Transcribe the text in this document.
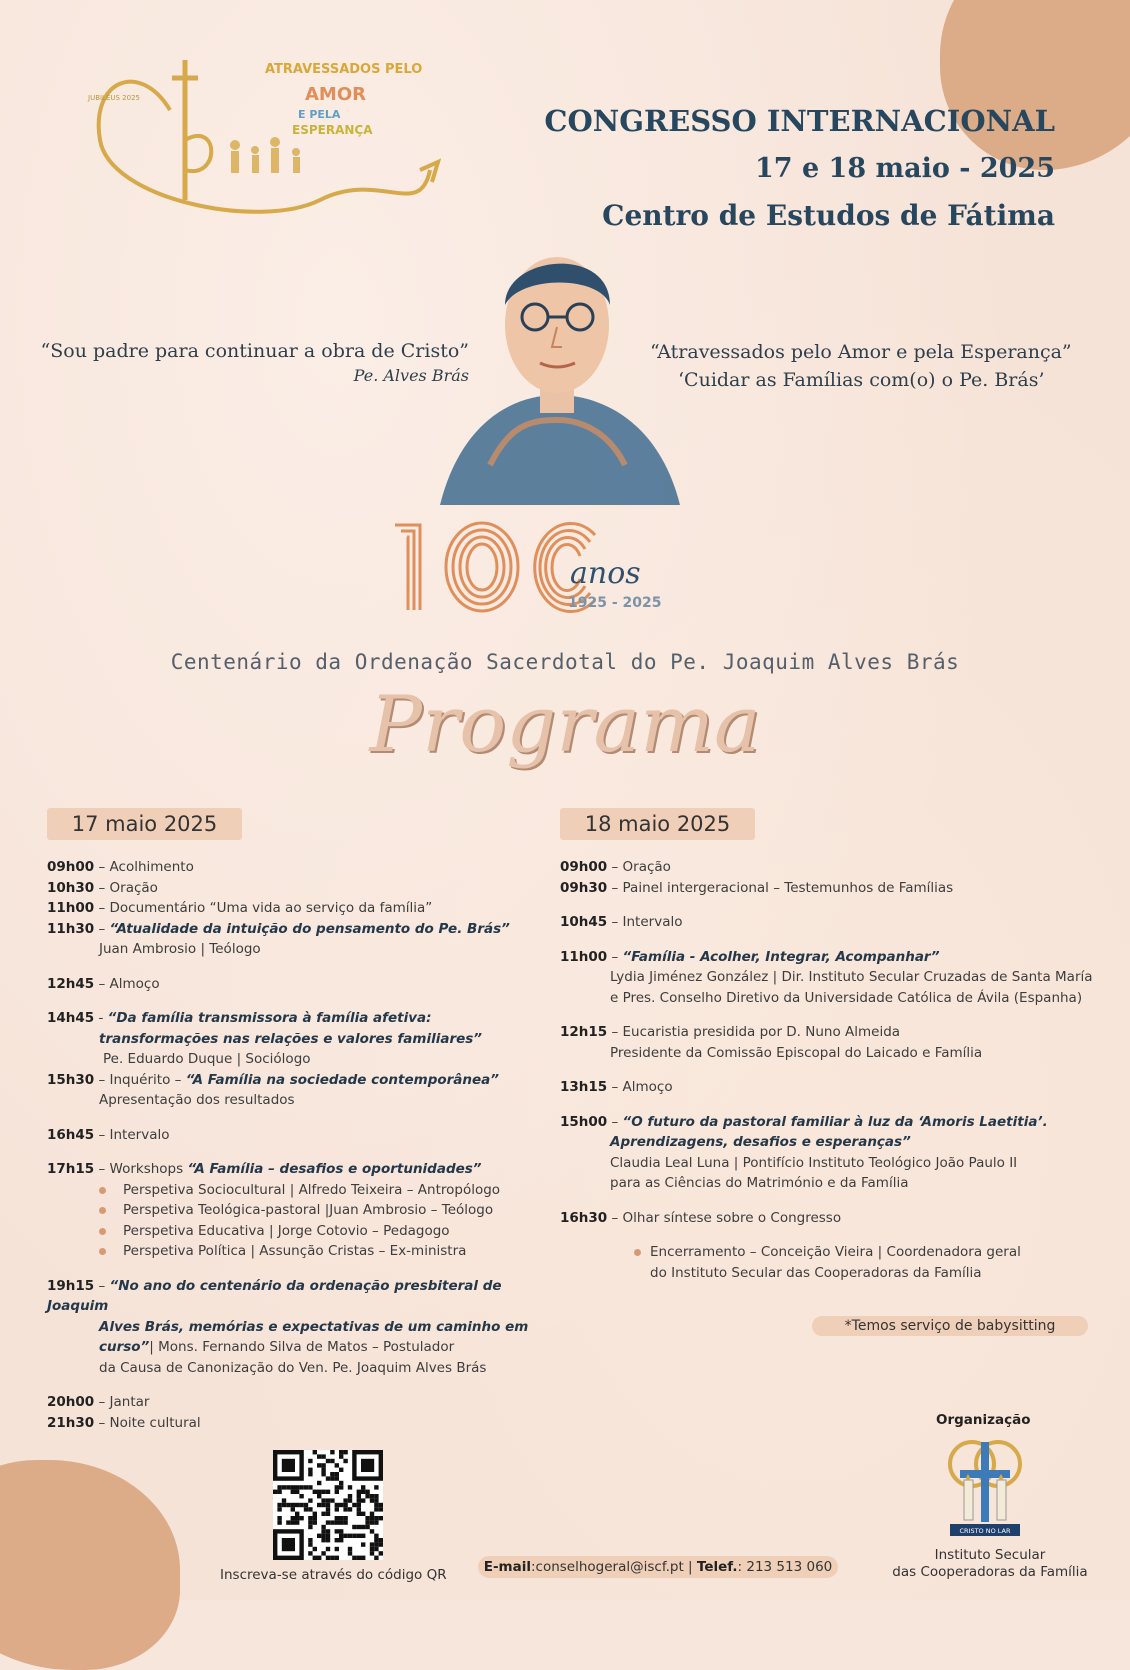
JUBILEUS 2025
ATRAVESSADOS PELO
AMOR
E PELA
ESPERANÇA	CONGRESSO INTERNACIONAL
17 e 18 maio - 2025
Centro de Estudos de Fátima
“Sou padre para continuar a obra de Cristo”
Pe. Alves Brás
“Atravessados pelo Amor e pela Esperança”
‘Cuidar as Famílias com(o) o Pe. Brás’
anos
1925 - 2025
100
Centenário da Ordenação Sacerdotal do Pe. Joaquim Alves Brás
Programa
17 maio 2025
09h00 – Acolhimento
10h30 – Oração
11h00 – Documentário “Uma vida ao serviço da família”
11h30 – “Atualidade da intuição do pensamento do Pe. Brás”
Juan Ambrosio | Teólogo
12h45 – Almoço
14h45 - “Da família transmissora à família afetiva:
transformações nas relações e valores familiares”
Pe. Eduardo Duque | Sociólogo
15h30 – Inquérito – “A Família na sociedade contemporânea”
Apresentação dos resultados
16h45 – Intervalo
17h15 – Workshops “A Família – desafios e oportunidades”
Perspetiva Sociocultural | Alfredo Teixeira – Antropólogo
Perspetiva Teológica-pastoral |Juan Ambrosio – Teólogo
Perspetiva Educativa | Jorge Cotovio – Pedagogo
Perspetiva Política | Assunção Cristas – Ex-ministra
19h15 – “No ano do centenário da ordenação presbiteral de Joaquim
Alves Brás, memórias e expectativas de um caminho em
curso”| Mons. Fernando Silva de Matos – Postulador
da Causa de Canonização do Ven. Pe. Joaquim Alves Brás
20h00 – Jantar
21h30 – Noite cultural
18 maio 2025
09h00 – Oração
09h30 – Painel intergeracional – Testemunhos de Famílias
10h45 – Intervalo
11h00 – “Família - Acolher, Integrar, Acompanhar”
Lydia Jiménez González | Dir. Instituto Secular Cruzadas de Santa María
e Pres. Conselho Diretivo da Universidade Católica de Ávila (Espanha)
12h15 – Eucaristia presidida por D. Nuno Almeida
Presidente da Comissão Episcopal do Laicado e Família
13h15 – Almoço
15h00 – “O futuro da pastoral familiar à luz da ‘Amoris Laetitia’.
Aprendizagens, desafios e esperanças”
Claudia Leal Luna | Pontifício Instituto Teológico João Paulo II
para as Ciências do Matrimónio e da Família
16h30 – Olhar síntese sobre o Congresso
Encerramento – Conceição Vieira | Coordenadora geral
do Instituto Secular das Cooperadoras da Família
*Temos serviço de babysitting
Organização
CRISTO NO LAR
Instituto Secular
das Cooperadoras da Família
Inscreva-se através do código QR	E-mail:conselhogeral@iscf.pt | Telef.: 213 513 060
